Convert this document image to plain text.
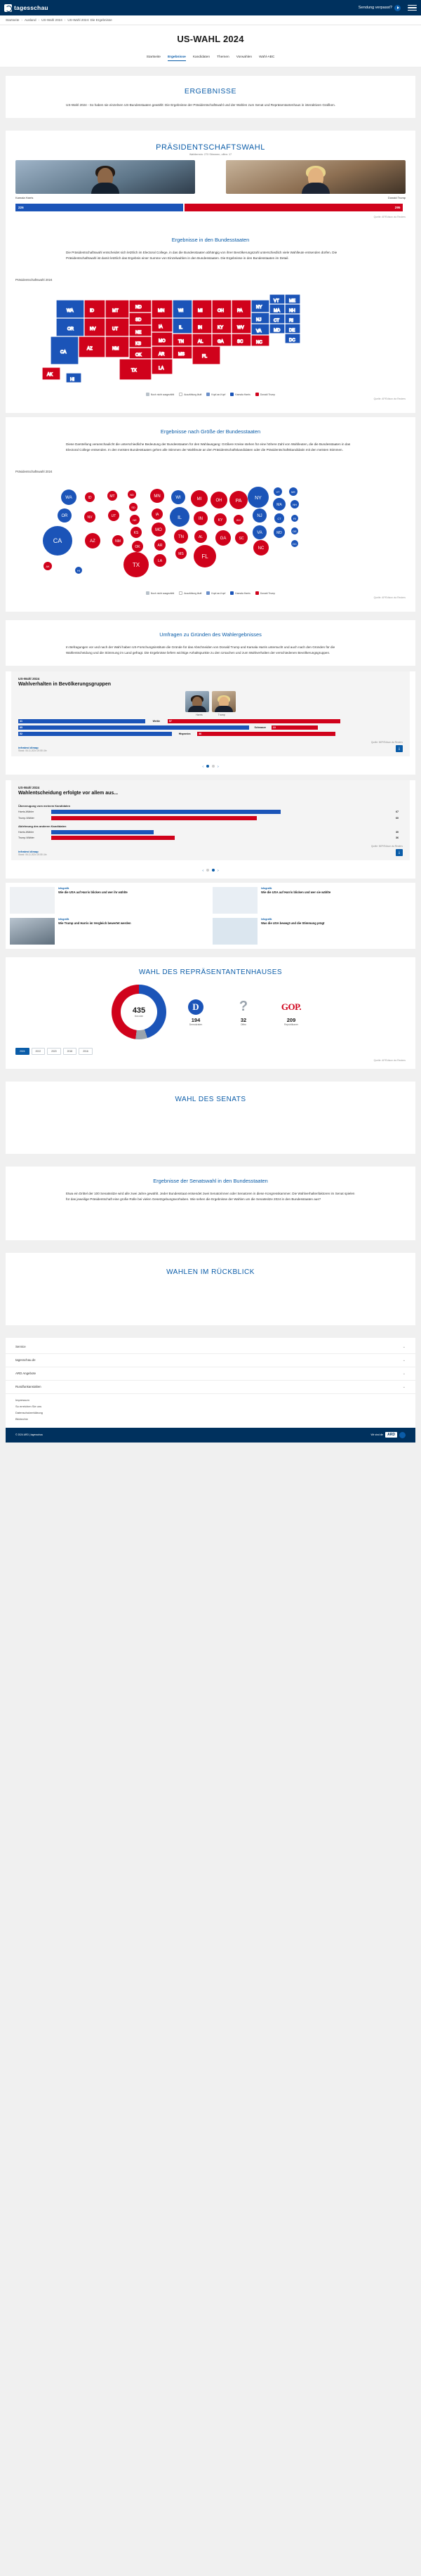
tagesschau	Sendung verpasst?
Startseite › Ausland › US-Wahl 2024 › US-Wahl 2024: Die Ergebnisse
US-WAHL 2024
Startseite Ergebnisse Kandidaten Themen Vorwahlen Wahl-ABC
ERGEBNISSE
US-Wahl 2024 - So haben sie einzelnen US-Bundesstaaten gewählt: Die Ergebnisse der Präsidentschaftswahl und der Wahlen zum Senat und Repräsentantenhaus in interaktiven Grafiken.
PRÄSIDENTSCHAFTSWAHL
Wahltermin: 270 Stimmen, offen: 17
Kamala Harris	Donald Trump
226	295
Quelle: AP/Edison via Reuters
Ergebnisse in den Bundesstaaten
Die Präsidentschaftswahl entscheidet sich letztlich im Electoral College, in das die Bundesstaaten abhängig von ihrer Bevölkerungszahl unterschiedlich viele Wahlleute entsenden dürfen. Die Präsidentschaftswahl ist damit letztlich das Ergebnis einer Summe von Einzelwahlen in den Bundesstaaten. Die Ergebnisse in den Bundesstaaten im Detail.
Präsidentschaftswahl 2024
WA
OR
CA
ID
NV
AZ
MT
UT
NM
ND
SD
NE
KS
OK
TX
MN
IA
MO
AR
LA
WI
IL
TN
MS
MI
IN
AL
FL
OH
KY
GA
PA
WV
SC
NY
NJ
VA
NC
VT
MA
CT
MD
ME
NH
RI
DE
DC
AK
HI
Noch nicht ausgezählt	Auszählung läuft	Kopf-an-Kopf	Kamala Harris	Donald Trump
Quelle: AP/Edison via Reuters
Ergebnisse nach Größe der Bundesstaaten
Diese Darstellung veranschaulicht die unterschiedliche Bedeutung der Bundesstaaten für den Wahlausgang: Größere Kreise stehen für eine höhere Zahl von Wahlleuten, die die Bundesstaaten in das Electoral College entsenden. In den meisten Bundesstaaten gehen alle Stimmen der Wahlleute an den Präsidentschaftskandidaten oder die Präsidentschaftskandidatin mit den meisten Stimmen.
Präsidentschaftswahl 2024
WA
OR
CA
ID
NV
AZ
MT
UT
NM
ND
SD
NE
KS
OK
TX
MN
IA
MO
AR
LA
WI
IL
TN
MS
MI
IN
AL
FL
OH
KY
GA
PA
WV
SC
NY
NJ
VA
NC
VT
MA
CT
MD
ME
NH
RI
DE
DC
AK
HI
Noch nicht ausgezählt	Auszählung läuft	Kopf-an-Kopf	Kamala Harris	Donald Trump
Quelle: AP/Edison via Reuters
Umfragen zu Gründen des Wahlergebnisses
In Befragungen vor und nach der Wahl haben US-Forschungsinstitute die Gründe für das Abschneiden von Donald Trump und Kamala Harris untersucht und auch nach den Gründen für die Wahlentscheidung und die Stimmung im Land gefragt. Die Ergebnisse liefern wichtige Anhaltspunkte zu den Ursachen und zum Wahlverhalten der verschiedenen Bevölkerungsgruppen.
US-Wahl 2024
Wahlverhalten in Bevölkerungsgruppen
Harris	Trump
41	Weiße	57
85	Schwarze	13
52	Hispanics	46
infratest dimap
Stand: 06.11.2024 20:55 Uhr
Quelle: NEP/Edison via Reuters
⤓
‹	›
US-Wahl 2024
Wahlentscheidung erfolgte vor allem aus...
Überzeugung vom meinem Kandidaten
Harris-Wähler	67
Trump-Wähler	60
Ablehnung des anderen Kandidaten
Harris-Wähler	30
Trump-Wähler	36
infratest dimap
Stand: 06.11.2024 20:55 Uhr
Quelle: NEP/Edison via Reuters
⤓
‹	›
Infografik
Wie die USA auf Harris blicken und wer ihr wählte
Infografik
Wie die USA auf Harris blicken und wer sie wählte
Infografik
Wie Trump und Harris im Vergleich bewertet werden
Infografik
Was die USA bewegt und die Stimmung prägt
WAHL DES REPRÄSENTANTENHAUSES
435
Mandate
D
194
Demokraten
?
32
Offen
GOP.
209
Republikaner
2024	2022	2020	2018	2016
Quelle: AP/Edison via Reuters
WAHL DES SENATS
Ergebnisse der Senatswahl in den Bundesstaaten
Etwa ein Drittel der 100 Senatssitze wird alle zwei Jahre gewählt. Jeder Bundesstaat entsendet zwei Senatorinnen oder Senatoren in diese Kongresskammer. Die Wahlverhaltenfaktoren im Senat spielen für das jeweilige Präsidentschaft eine große Rolle bei vielen Gesetzgebungsvorhaben. Wie sehen die Ergebnisse der Wahlen um die Senatssitze 2024 in den Bundesstaaten aus?
WAHLEN IM RÜCKBLICK
Service	⌄
tagesschau.de	⌄
ARD Angebote	⌄
Rundfunkanstalten	⌄
Impressum
So erreichen Sie uns
Datenschutzerklärung
Bildrechte
© 2024 ARD | tagesschau	Wir sind die	ARD
